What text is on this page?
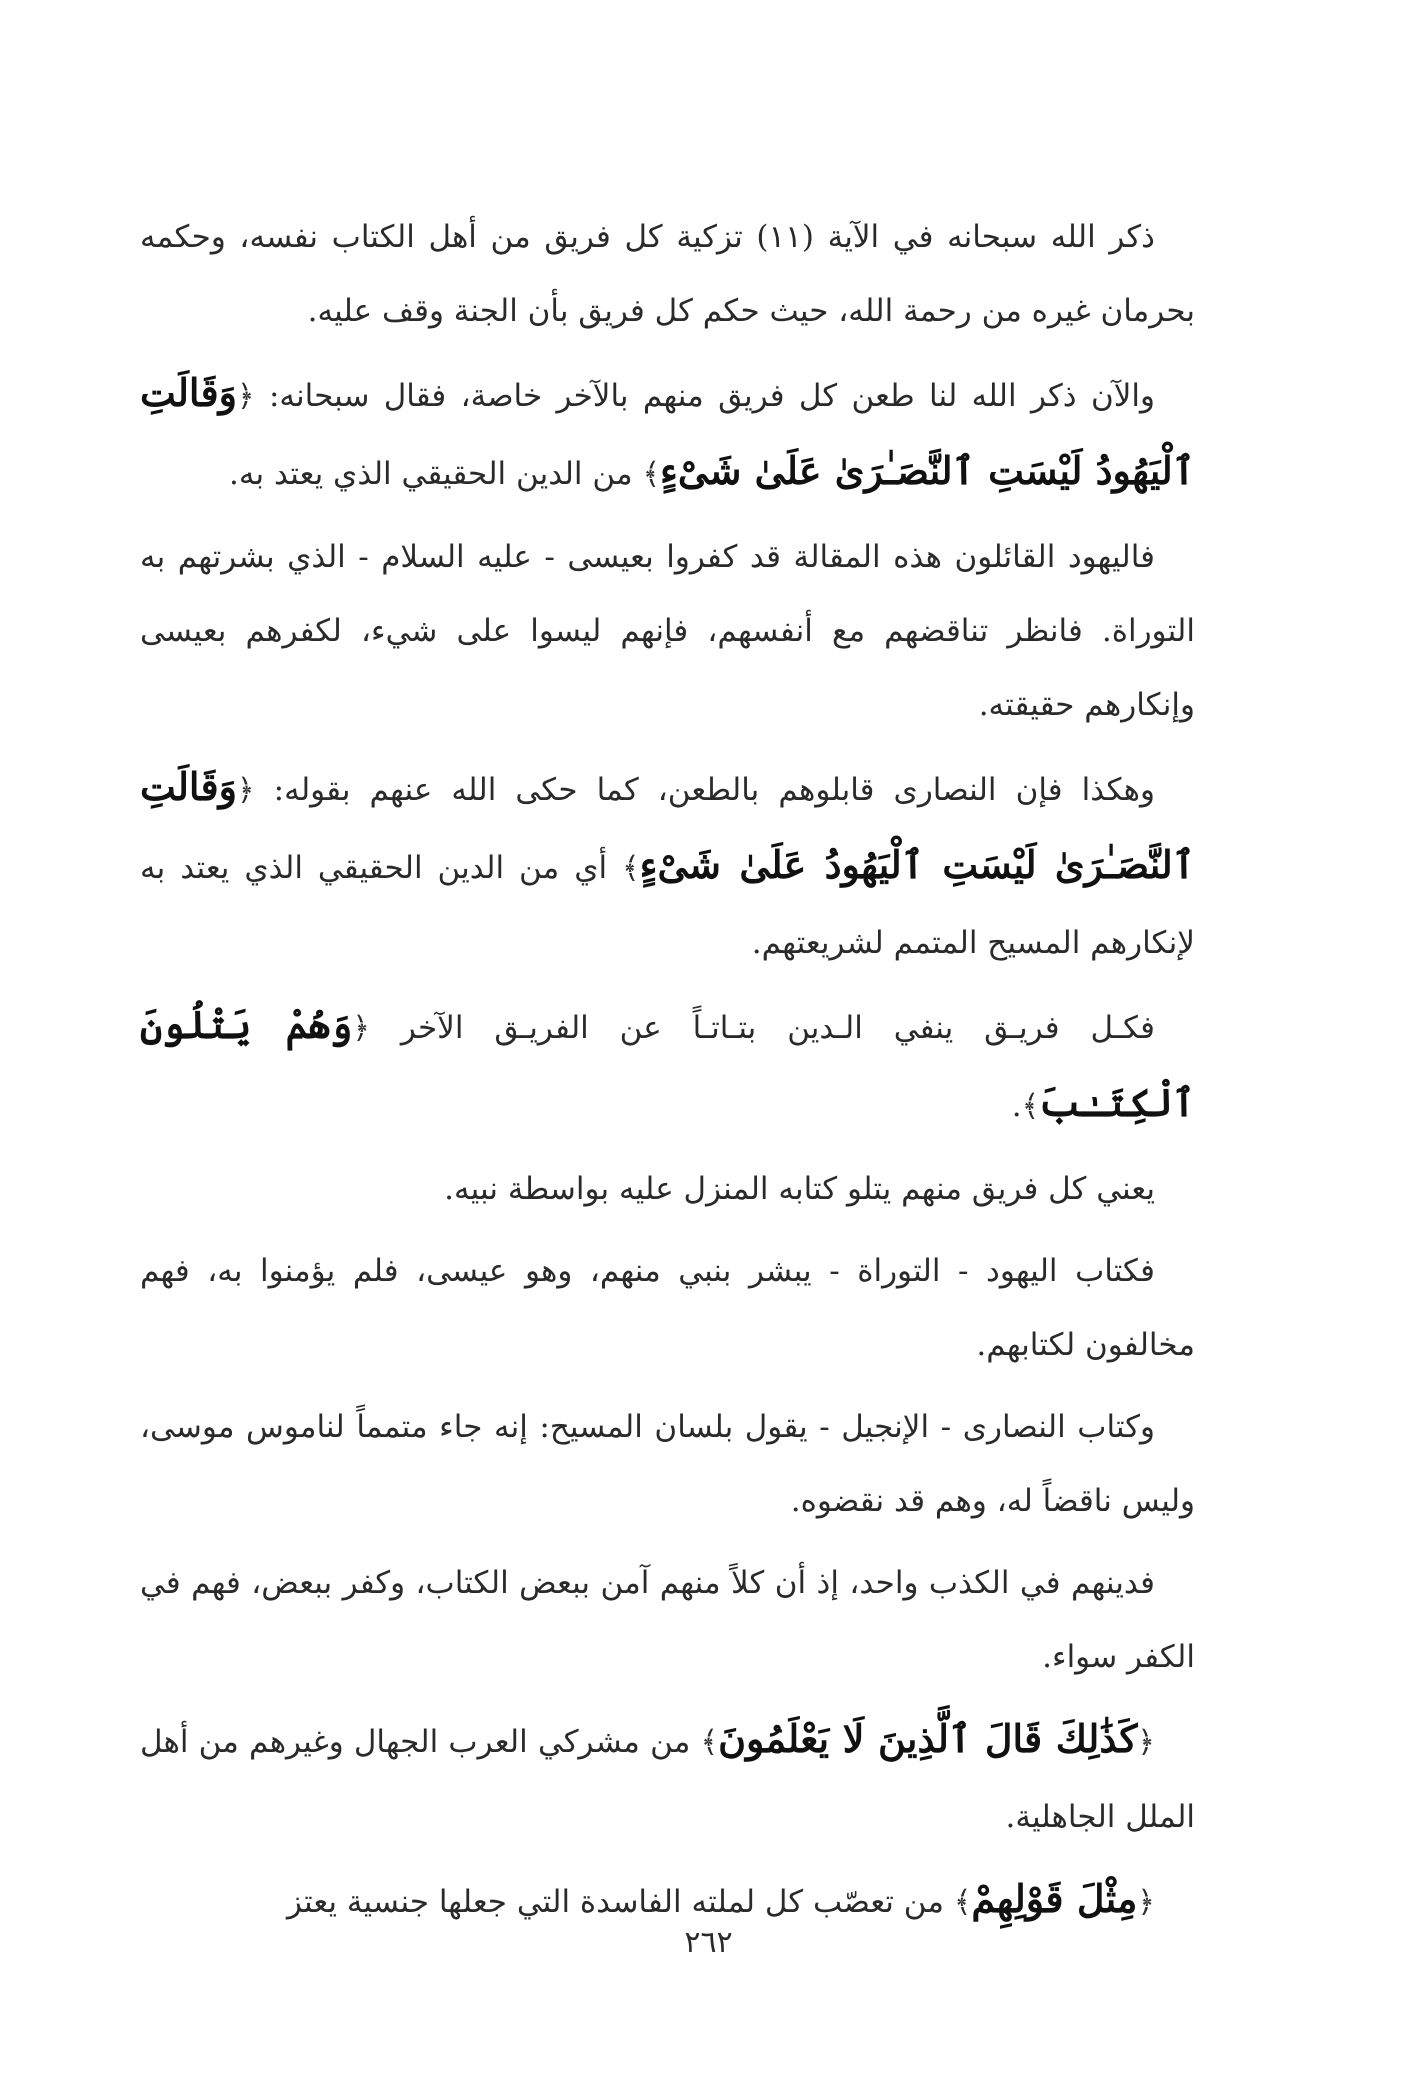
ذكر الله سبحانه في الآية (١١) تزكية كل فريق من أهل الكتاب نفسه، وحكمه بحرمان غيره من رحمة الله، حيث حكم كل فريق بأن الجنة وقف عليه.

والآن ذكر الله لنا طعن كل فريق منهم بالآخر خاصة، فقال سبحانه: ﴿وَقَالَتِ ٱلْيَهُودُ لَيْسَتِ ٱلنَّصَـٰرَىٰ عَلَىٰ شَىْءٍ﴾ من الدين الحقيقي الذي يعتد به.

فاليهود القائلون هذه المقالة قد كفروا بعيسى - عليه السلام - الذي بشرتهم به التوراة. فانظر تناقضهم مع أنفسهم، فإنهم ليسوا على شيء، لكفرهم بعيسى وإنكارهم حقيقته.

وهكذا فإن النصارى قابلوهم بالطعن، كما حكى الله عنهم بقوله: ﴿وَقَالَتِ ٱلنَّصَـٰرَىٰ لَيْسَتِ ٱلْيَهُودُ عَلَىٰ شَىْءٍ﴾ أي من الدين الحقيقي الذي يعتد به لإنكارهم المسيح المتمم لشريعتهم.

فكـل فريـق ينفي الـدين بتـاتـاً عن الفريـق الآخر ﴿وَهُمْ يَتْلُونَ ٱلْكِتَـٰبَ﴾.

يعني كل فريق منهم يتلو كتابه المنزل عليه بواسطة نبيه.

فكتاب اليهود - التوراة - يبشر بنبي منهم، وهو عيسى، فلم يؤمنوا به، فهم مخالفون لكتابهم.

وكتاب النصارى - الإنجيل - يقول بلسان المسيح: إنه جاء متمماً لناموس موسى، وليس ناقضاً له، وهم قد نقضوه.

فدينهم في الكذب واحد، إذ أن كلاً منهم آمن ببعض الكتاب، وكفر ببعض، فهم في الكفر سواء.

﴿كَذَٰلِكَ قَالَ ٱلَّذِينَ لَا يَعْلَمُونَ﴾ من مشركي العرب الجهال وغيرهم من أهل الملل الجاهلية.

﴿مِثْلَ قَوْلِهِمْ﴾ من تعصّب كل لملته الفاسدة التي جعلها جنسية يعتز

٢٦٢
